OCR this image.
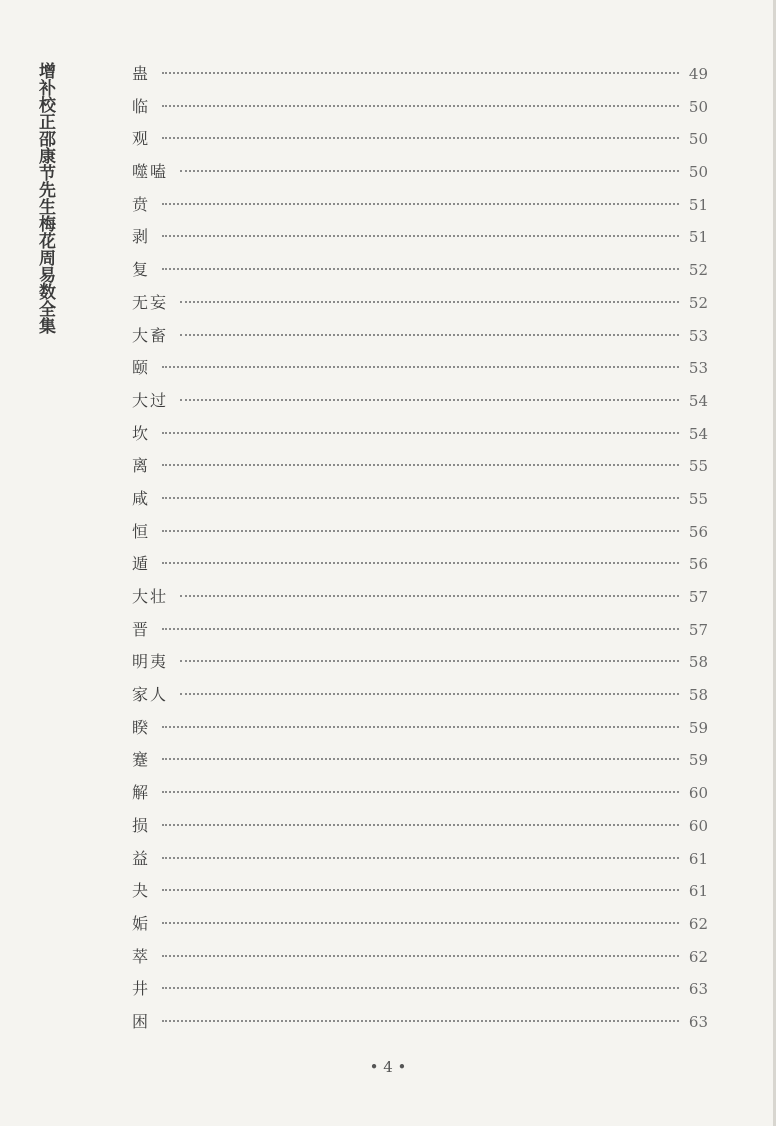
增补校正邵康节先生梅花周易数全集	蛊	49
临	50
观	50
噬嗑	50
贲	51
剥	51
复	52
无妄	52
大畜	53
颐	53
大过	54
坎	54
离	55
咸	55
恒	56
遁	56
大壮	57
晋	57
明夷	58
家人	58
睽	59
蹇	59
解	60
损	60
益	61
夬	61
姤	62
萃	62
井	63
困	63
• 4 •
